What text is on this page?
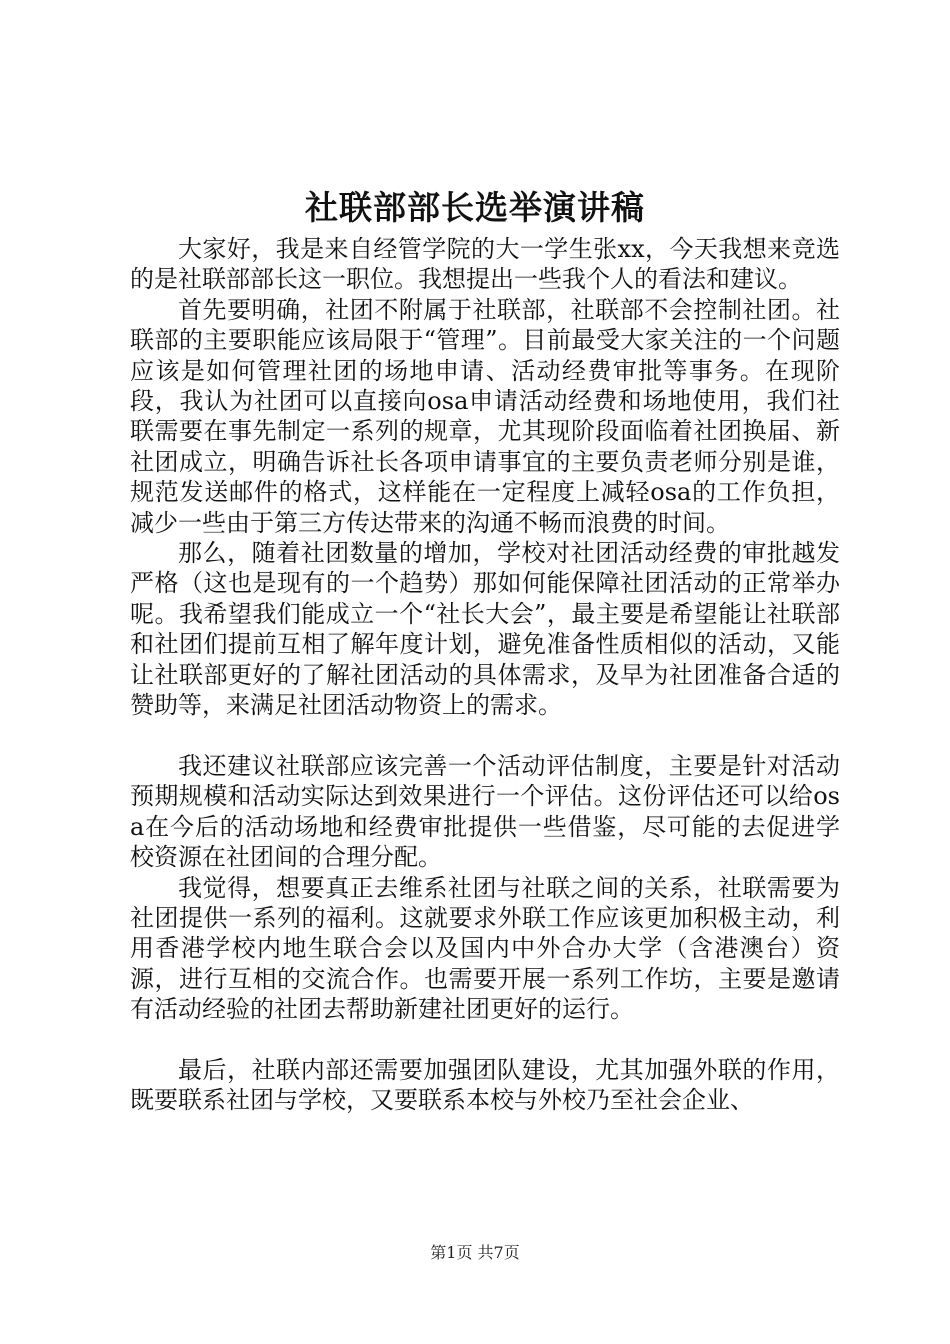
社联部部长选举演讲稿

大家好，我是来自经管学院的大一学生张xx，今天我想来竞选的是社联部部长这一职位。我想提出一些我个人的看法和建议。

首先要明确，社团不附属于社联部，社联部不会控制社团。社联部的主要职能应该局限于“管理”。目前最受大家关注的一个问题应该是如何管理社团的场地申请、活动经费审批等事务。在现阶段，我认为社团可以直接向osa申请活动经费和场地使用，我们社联需要在事先制定一系列的规章，尤其现阶段面临着社团换届、新社团成立，明确告诉社长各项申请事宜的主要负责老师分别是谁，规范发送邮件的格式，这样能在一定程度上减轻osa的工作负担，减少一些由于第三方传达带来的沟通不畅而浪费的时间。

那么，随着社团数量的增加，学校对社团活动经费的审批越发严格（这也是现有的一个趋势）那如何能保障社团活动的正常举办呢。我希望我们能成立一个“社长大会”，最主要是希望能让社联部和社团们提前互相了解年度计划，避免准备性质相似的活动，又能让社联部更好的了解社团活动的具体需求，及早为社团准备合适的赞助等，来满足社团活动物资上的需求。

我还建议社联部应该完善一个活动评估制度，主要是针对活动预期规模和活动实际达到效果进行一个评估。这份评估还可以给osa在今后的活动场地和经费审批提供一些借鉴，尽可能的去促进学校资源在社团间的合理分配。

我觉得，想要真正去维系社团与社联之间的关系，社联需要为社团提供一系列的福利。这就要求外联工作应该更加积极主动，利用香港学校内地生联合会以及国内中外合办大学（含港澳台）资源，进行互相的交流合作。也需要开展一系列工作坊，主要是邀请有活动经验的社团去帮助新建社团更好的运行。

最后，社联内部还需要加强团队建设，尤其加强外联的作用，既要联系社团与学校，又要联系本校与外校乃至社会企业、

第1页 共7页
